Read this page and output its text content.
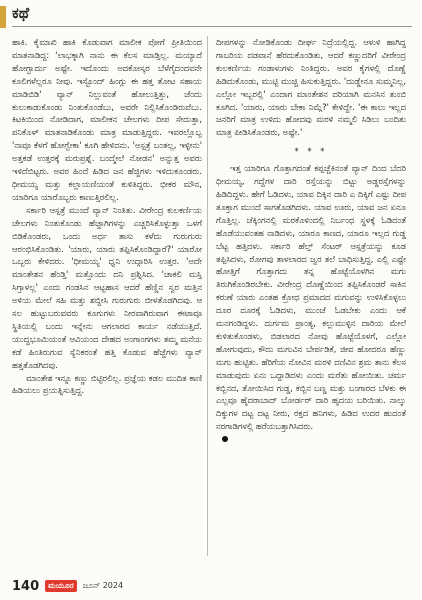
ಕಥೆ

ಹಾಕಿ. ಕೈಮಾಖಿ ಹಾಕಿ ಕೊಡುವಾಗ ಮಾಲೀಕ ಪೋಗೆ ಪ್ರೀತಿಯಿಂದ ಮಾತನಾಡಿದ್ದ: 'ಲಾಭಕ್ಕಾಗಿ ನಾನು ಈ ಕೆಲಸ ಮಾಡ್ತಿಲ್ಲ. ಮಯ್ಯಾದೆ ಹೋಗ್ಬಾರ್ದು ಅಷ್ಟೇ. ಇದೊಂದು ಅದಕೋಸ್ಕರ ಬೆಳೆಗೈದಂದವನೇ ಕೂಲಿಗಳೆಲ್ಲರೂ ನೀವು. ಇಸ್ಟೊಂದ್ ಹಿಂಗ್ಗು ಈ ಹತ್ತ ತೋಟ ಸಹಾಯ ಮಾಡಿಬಿಡಿ' ವ್ಯಾನ್ ನಿಲ್ಲುವಂತೆ ಹೋಲುತ್ತಿತ್ತು, ಚೆಂದು ಕುಲುಕಾಡುಕೊಂಡು ನಿಂತುಕೊಂಡೆಬು, ಅವರೇ ನಿಲ್ಲಿಸಿಕೊಂಡಿರುವೆಬು. ಕಿಟಕಿಯಿಂದ ನೋಡಿದಾಗ, ಮಾಲೀಕನ ಚೇಲಗಳು ದೀಪ ಸೇದುತ್ತಾ, ಪನಿಕೊಳ್ ಮಾತನಾಡಿಕೊಂಡು ಮಾತ್ರ ಮಾಡುತ್ತಿದ್ದರು. ಇವರಲ್ಲೊಬ್ಬ 'ನಾವೂ ಕೆಳಗೆ ಹೋಗ್ಬೇಕಾ' ಕೂಗಿ ಹೇಳಿದನು. 'ಅಸ್ಪತ್ರೆ ಬಂತಲ್ಲ, ಇಳ್ಳೀನು' ಅತ್ತಕಡೆ ಉತ್ತರಕ್ಕೆ ಮರುಪ್ರಶ್ನೆ. ಬಂದ್ಮೇಲೆ ನೋಡನ' ಅನ್ನುತ್ತ ಅವರು ಇಳಿದೆಬಿಟ್ಟರು. ಅವರ ಹಿಂದೆ ಹಿಡಿದ ಜನ ಹೆಜ್ಜಿಗಳು ಇಳಿದುಕೂಂಡರು. ಧೀಮಯ್ಯ ಮತ್ತು ಕಲ್ಲಾಯಣಿಯಂತೆ ಕುಳಿತಿದ್ದರು. ಭೀಕರ ಮೌನ, ಯಾರಿಗೂ ಯಾರೊಬ್ಬರು ಕಾಣುತ್ತಿರಲಿಲ್ಲ.

ಸರ್ಕಾರಿ ಆಸ್ಪತ್ರೆ ಮುಂದೆ ವ್ಯಾನ್ ನಿಂತಿತು. ವೀರೇಂದ್ರ ಕುಲಕರ್ಣಿಯ ಚೇಲಗಳು ನಿಂತುಕೊಂಡು ಹೆಜ್ಜಾಗಿಗಳನ್ನು ಎಚ್ಚರಿಸಿಕೊಳ್ಳುತ್ತಾ ಒಳಗೆ ಬಿಡಿಕೊಂಡರು, ಒಂದು ಅರ್ಧ ತಾಸು ಕಳೆದು ಗುರುಗುರು ಆರಂಭಿಸಿಕೊಂಡಿತು. 'ಯಾರು, ಯಾರು ತಪ್ಪಿಸಿಕೊಂಡಿದ್ದಾರೆ?' ಯಾರೋ ಒಬ್ಬರು ಕೇಳಿದರು. 'ಧೀಮಯ್ಯ' ಧ್ವನಿ ಉದ್ಗಾರಿಸಿ ಉತ್ತರ. 'ಅದೇ ಮಾಂತೇಶನ ಹೆಂಡ್ತಿ' ಮತ್ತೊಂದು ದನಿ ಪ್ರಶ್ನಿಸಿದ. 'ಚಾಕಲಿ ಮಸ್ತಿ ಸಿಗ್ತಾಳಲ್ಲ' ಎಂದು ಗಂಡಸಿನ ಆಟ್ಟಹಾಸ ಆದರೆ ಹೆಣ್ಣಿನ ಸ್ವರ ಮತ್ತಿನ ಅಳಿಯ ಮೇಲೆ ಸಹಿ ಮತ್ತು ಶಬ್ದೀಸಿ ಗುರುಗುರು ಬೀಳತೊಡಗಿದವು. ಆ ಸಲ ಹುಟ್ಟುಬರುವವರು ಕೂಗುಗಳು ನೀರವಾಗಿರುವಾಗ ಈಟಾವೂ ಸ್ಥಿತಿಯಲ್ಲಿ ಬಂದು ಇನ್ನೇನು ಆಗಲಾರದ ಕಾರ್ಯ ನಡೆಯುತ್ತಿದೆ. ಯುದ್ಧಭೂಮಿಯಂತೆ ಆವಿಯಂದ ದೇಹದ ಅಂಗಾಂಗಗಳು ತಮ್ಮ ಮನೆಯ ಕಡೆ ಹಿಂತಿರುಗುವ ಸ್ಯೆನಿಕರಂತೆ ಹತ್ತಿ ಕೊಡುವ ಹೆಜ್ಜೆಗಳು ವ್ಯಾನ್ ಹತ್ತತೊಡಗಿದವು.

ಮಾಂತೇಶ ಇನ್ನೂ ಕಣ್ಣು ಬಿಟ್ಟಿರಲಿಲ್ಲ. ಪ್ರಜ್ಞೆಯ ಕಡಲ ಮುದಿತ ಕಾಣಿ ಹಿಡಿಯಲು ಪ್ರಯತ್ನಿಸುತ್ತಿದ್ದ.

ದೀಪಗಳನ್ನು ನೋಡಿಕೊಂಡು ದೀರ್ಘ ನಿದ್ರೆಯಲ್ಲಿದ್ದ. ಆಳುಳಿ ಹಾಗಿದ್ದ ಗಾಬರಿಯ ದಡವಾನೆ ಹೆರದುಕೊಂಡಿತು, ಆದರೆ ಕಣ್ಣುದರಿಗೆ ವೀರೇಂದ್ರ ಕುಲಕರ್ಣಿಯ ಗಂಡಾಳುಗಳು ನಿಂತಿದ್ದರು. ಅವರ ಕೈಗಳಲ್ಲಿ ದೊಣ್ಣೆ ಹಿಡಿದುಕೊಂಡು, ಮುಟ್ಟಿ ಮುಚ್ಚಿ ಹಿಸುಕುತ್ತಿದ್ದರು. 'ದುಡ್ಡೇನೂ ಸುಮ್ಮನಿಲ್ಲ, ಎಲ್ಲೋ ಇಬ್ಬರಲ್ಲಿ' ಎಂದಾಗ ಮಾಂತೇಶನ ದರಿಯಾಗಿ ಮನಸಿನ ತುಂಬಿ ಕೂಗಿದ. 'ಯಾರು, ಯಾರು ಬೇಕಾ ನಿಮ್ಗೆ?' ಕೇಳಿದ್ದೇ. 'ಈ ಕಾಲು ಇಲ್ಲದ ಜನರಿಗೆ ಮಾತ್ರ ಉಳಿದು ಹೋದವು ಮರಳಿ ನಮ್ಮಲಿ ಸಿಡಿಲು ಬಂದಿತು ಮಾತ್ರ ಪೀಡಿಸಿಕೊಂಡರು, ಅಷ್ಟೇ.'

* * *

ಇತ್ತ ಯಾರಿಗೂ ಗೊತ್ತಾಗದಂತೆ ಕಪ್ಪಚ್ಚೆಕಿನಂತೆ ವ್ಯಾನ್ ದಿಂದ ಬೆದರಿ ಧೀಮಯ್ಯ, ಗದ್ದೆಗಳ ದಾರಿ ರಸ್ತೆಯನ್ನು ಬಿಟ್ಟು ಅಡ್ಡರಸ್ತೆಗಳನ್ನು ಹಿಡಿದಿದ್ದಳು. ಹೇಗೆ ಓಡಿದಳು, ಯಾವ ದಿಕ್ಕಿನ ದಾರಿ ಎ ದಿಕ್ಕಿಗೆ ಎಷ್ಟು ದೀಪ ತೂಕ್ತಾಗ ಮುಂದೆ ಸಾಗತೊಡಗಿದಳು. ಯಾವ ಊರು, ಯಾವ ಜನ ಏನೂ ಗೊತ್ತಿಲ್ಲ. ಚೆಕ್ಕಿಂಗನಲ್ಲಿ ಮರಕೊಳಿಂದಲ್ಲಿ ನಿರ್ಬಂಧ ಸ್ಥಳಕ್ಕೆ ಓಡಿದಂತೆ ಹೊಡೆಯುವಂತಹ ನಾಡಿದಳು, ಯಾರೂ ಕಾಣದ, ಯಾರೂ ಇಲ್ಲದ ಗುಡ್ಡ ಬೆಟ್ಟ ಹತ್ತಿದಳು. ಸರ್ಕಾರಿ ಹೆಲ್ತ್ ಸೆಂಟರ್ ಆಸ್ಪತ್ರೆಯನ್ನು ಕೂಡ ತಪ್ಪಿಸಿದಳು, ರೋಗವು ತಾಳಲಾರದ ಜ್ವರ ತಲೆ ಬಾಧಿಸುತ್ತಿದ್ದ, ಎಲ್ಲಿ ಎಷ್ಟೇ ಹೋತ್ತಿಗೆ ಗೊತ್ತಾಗದು ತನ್ನ ಹೊಟ್ಟೆಯೊಳಗಿನ ಮಗು ತಿರುಗಿಕೊಂಡಿರಬೇಕು. ವೀರೇಂದ್ರ ದೊಣ್ಣೆಯಿಂದ ತಪ್ಪಿಸಿಕೊಂಡರೆ ಸಾಕಿನ ಕರುಣೆ ಯಾರು ಎಂತಹ ಕ್ರೋಧ ಪ್ರಮಾದದ ಮಗುವನ್ನು ಉಳಿಸಿಕೊಳ್ಳಲು ದೂರ ದೂರಕ್ಕೆ ಓಡಿದಳು, ಮುಂಚೆ ಓಡಬೇಕು ಎಂದು ಆಕೆ ಮನಗಂಡಿದ್ದಳು. ದುರ್ಗಮ ಪ್ರಾಂತ್ಯ, ಕಲ್ಲುಮುಳ್ಳಿನ ದಾರಿಯ ಮೇಲೆ ಕುಳಿತುಕೊಂಡಳು, ಬಿಡಲಾರದ ನೋವು ಹೊಟ್ಟೆಯೊಳಗೆ, ಎಲ್ಲೋ ಹೋಗುವುದು, ಕೌದು ಮಗುವಿನ ಬೇರ್ಪಡಿಕೆ, ಜೀವ ಹೋದರೂ ಹೆಣ್ಣು ಮಗು ಹುಟ್ಟಿತು. ಹೆರಿಗೆಯ ನೋವಿನ ಮರಳಿ ದಣಿವಿನ ಶ್ರಮ ತಾನು ಕೆಲಸ ಮಾಡುವುದು ಏನು ಒದ್ದಾಡಿದಳು ಎಂದು ಮರೆತು ಹೋಯಿತು. ಚರ್ಮ ಕಬ್ಬಿನದ, ತೋಯಿಸಿದ ಗುಡ್ಡ, ಕಬ್ಬಿನ ಬಣ್ಣ ಮತ್ತು ಬಂಗಾರದ ಬೆಳಕು ಈ ಎಲ್ಲವೂ ಹೈದರಾಬಾದ್ ಬೋರ್ಡರ್ ದಾರಿ ಹೃದಯ ಬರಿಯಿತು. ನಾಲ್ಕು ದಿಕ್ಕುಗಳ ದಟ್ಟ ದಟ್ಟ ನೀರು, ರಕ್ತದ ಹನಿಗಳು, ಹಿಡಿದ ಉದರ ಹುದಂತೆ ನರಗಾಡಿಗಳಲ್ಲಿ ಹರೆಯಬತ್ತಾಗಿಸಿದರು.

140	ಮಯೂರ	ಜೂನ್ 2024
